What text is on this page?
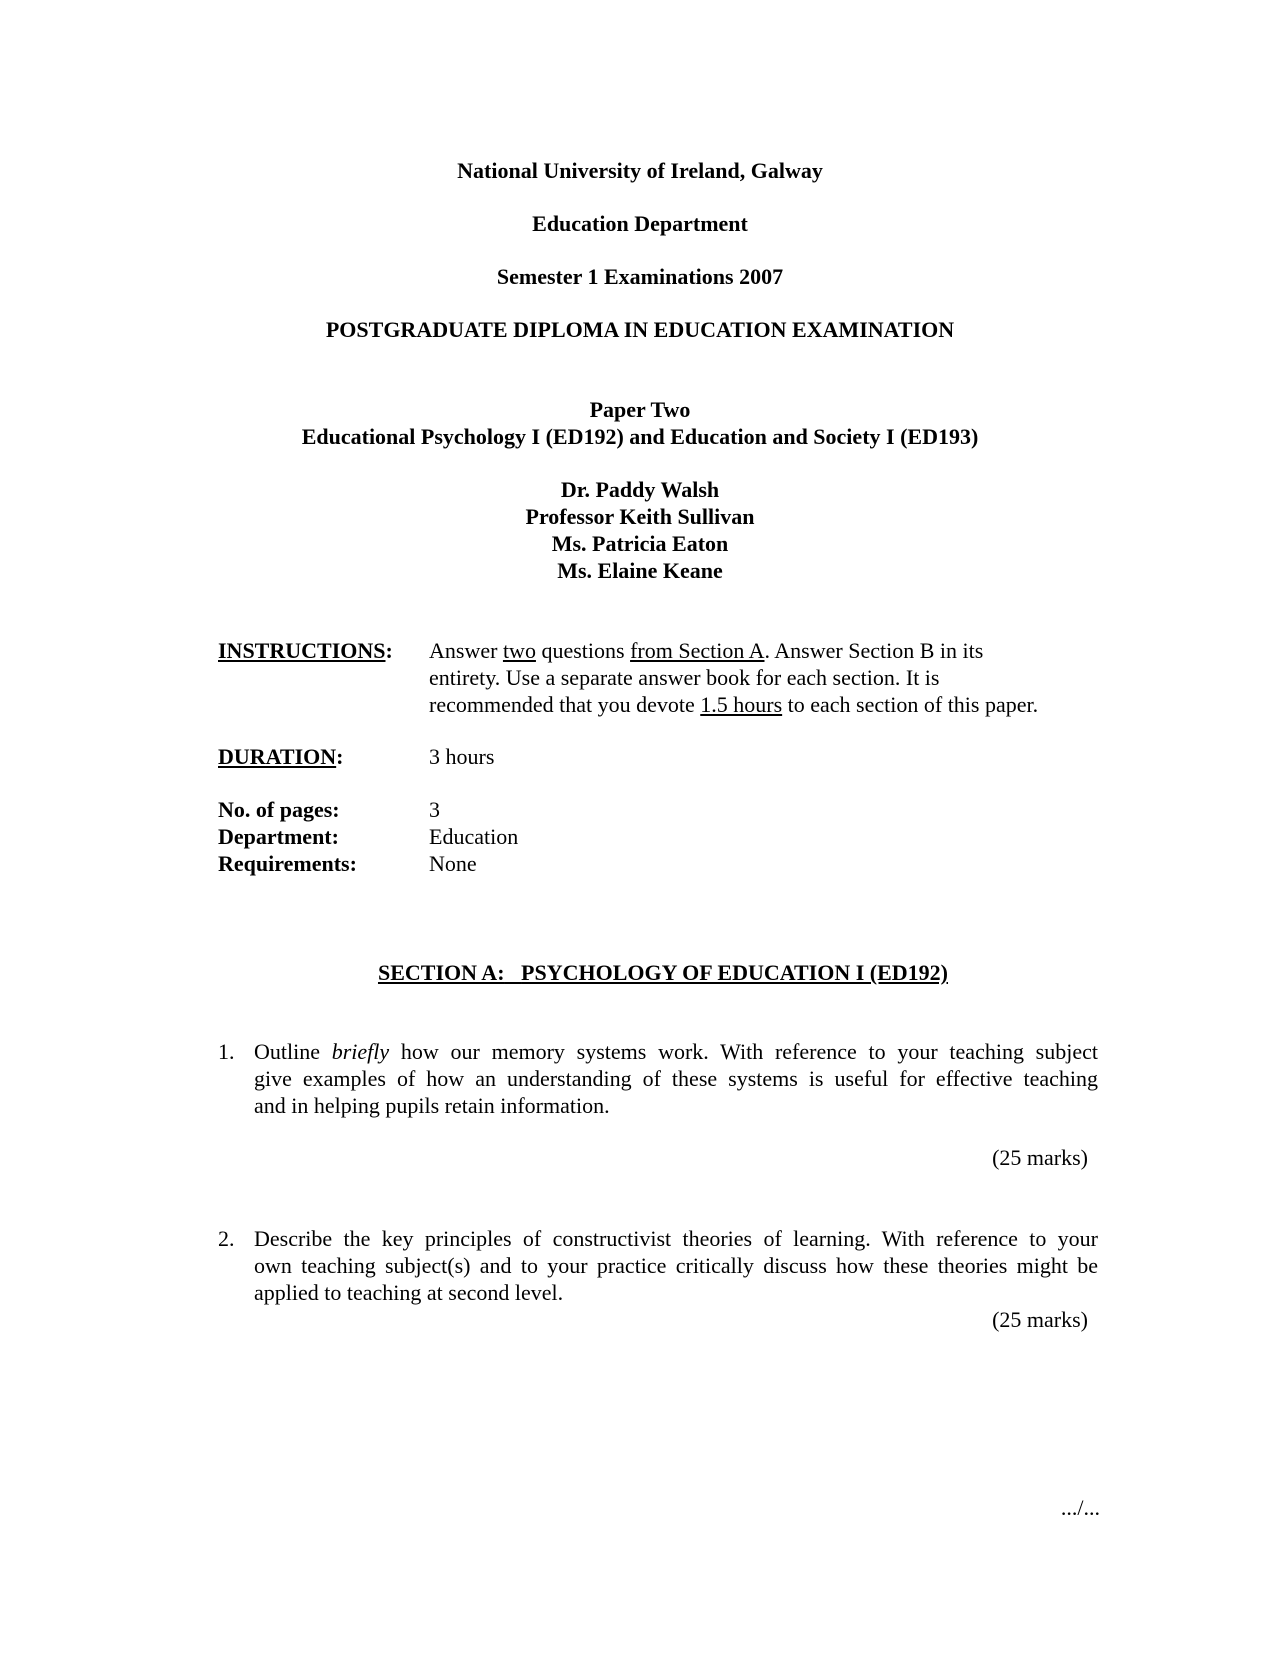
National University of Ireland, Galway
Education Department
Semester 1 Examinations 2007
POSTGRADUATE DIPLOMA IN EDUCATION EXAMINATION
Paper Two
Educational Psychology I (ED192) and Education and Society I (ED193)
Dr. Paddy Walsh
Professor Keith Sullivan
Ms. Patricia Eaton
Ms. Elaine Keane
INSTRUCTIONS: Answer two questions from Section A. Answer Section B in its
entirety. Use a separate answer book for each section. It is
recommended that you devote 1.5 hours to each section of this paper.
DURATION:	3 hours
No. of pages:	3
Department:	Education
Requirements:	None
SECTION A: PSYCHOLOGY OF EDUCATION I (ED192)
1. Outline briefly how our memory systems work. With reference to your teaching subject
give examples of how an understanding of these systems is useful for effective teaching
and in helping pupils retain information.
(25 marks)
2. Describe the key principles of constructivist theories of learning. With reference to your
own teaching subject(s) and to your practice critically discuss how these theories might be
applied to teaching at second level.
(25 marks)
.../...
